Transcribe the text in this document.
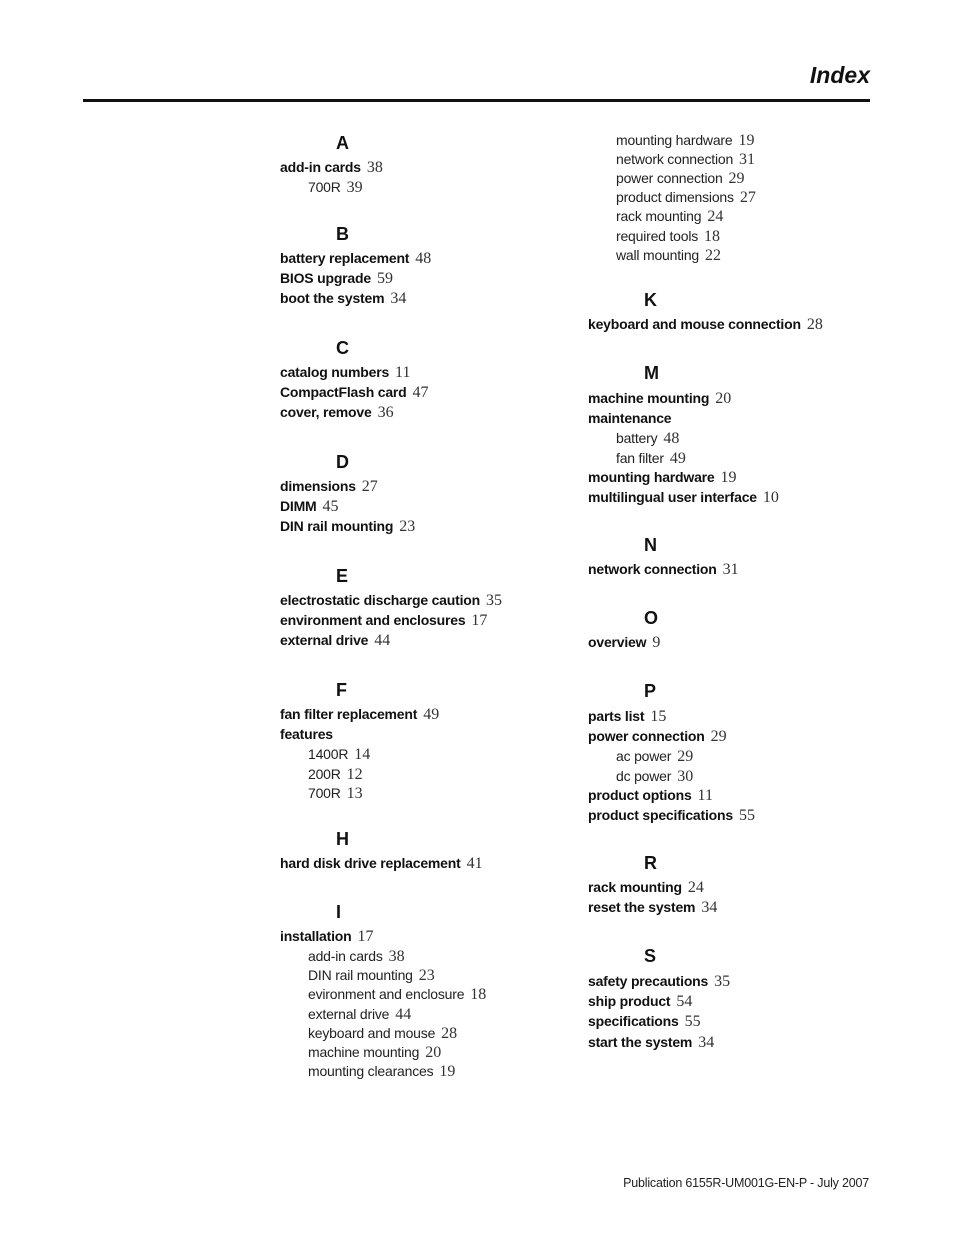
Index
A
add-in cards 38
700R 39
B
battery replacement 48
BIOS upgrade 59
boot the system 34
C
catalog numbers 11
CompactFlash card 47
cover, remove 36
D
dimensions 27
DIMM 45
DIN rail mounting 23
E
electrostatic discharge caution 35
environment and enclosures 17
external drive 44
F
fan filter replacement 49
features
1400R 14
200R 12
700R 13
H
hard disk drive replacement 41
I
installation 17
add-in cards 38
DIN rail mounting 23
evironment and enclosure 18
external drive 44
keyboard and mouse 28
machine mounting 20
mounting clearances 19
mounting hardware 19
network connection 31
power connection 29
product dimensions 27
rack mounting 24
required tools 18
wall mounting 22
K
keyboard and mouse connection 28
M
machine mounting 20
maintenance
battery 48
fan filter 49
mounting hardware 19
multilingual user interface 10
N
network connection 31
O
overview 9
P
parts list 15
power connection 29
ac power 29
dc power 30
product options 11
product specifications 55
R
rack mounting 24
reset the system 34
S
safety precautions 35
ship product 54
specifications 55
start the system 34
Publication 6155R-UM001G-EN-P - July 2007
